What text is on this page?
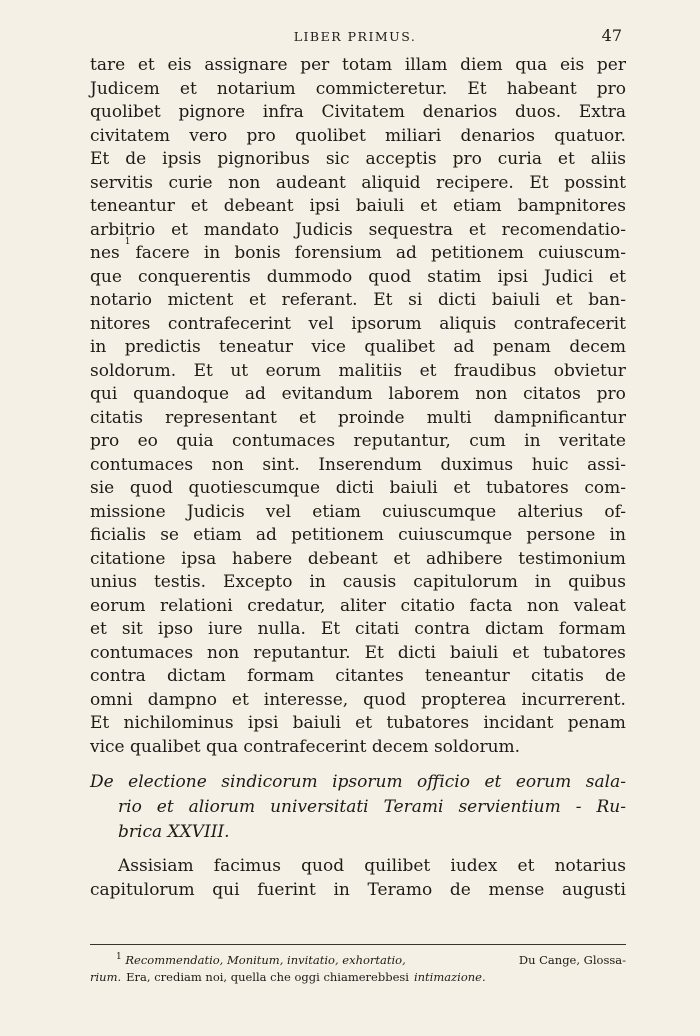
LIBER PRIMUS.	47
tare et eis assignare per totam illam diem qua eis per
Judicem et notarium commicteretur. Et habeant pro
quolibet pignore infra Civitatem denarios duos. Extra
civitatem vero pro quolibet miliari denarios quatuor.
Et de ipsis pignoribus sic acceptis pro curia et aliis
servitis curie non audeant aliquid recipere. Et possint
teneantur et debeant ipsi baiuli et etiam bampnitores
arbitrio et mandato Judicis sequestra et recomendatio-
nes
1
facere in bonis forensium ad petitionem cuiuscum-
que conquerentis dummodo quod statim ipsi Judici et
notario mictent et referant. Et si dicti baiuli et ban-
nitores contrafecerint vel ipsorum aliquis contrafecerit
in predictis teneatur vice qualibet ad penam decem
soldorum. Et ut eorum malitiis et fraudibus obvietur
qui quandoque ad evitandum laborem non citatos pro
citatis representant et proinde multi dampnificantur
pro eo quia contumaces reputantur, cum in veritate
contumaces non sint. Inserendum duximus huic assi-
sie quod quotiescumque dicti baiuli et tubatores com-
missione Judicis vel etiam cuiuscumque alterius of-
ficialis se etiam ad petitionem cuiuscumque persone in
citatione ipsa habere debeant et adhibere testimonium
unius testis. Excepto in causis capitulorum in quibus
eorum relationi credatur, aliter citatio facta non valeat
et sit ipso iure nulla. Et citati contra dictam formam
contumaces non reputantur. Et dicti baiuli et tubatores
contra dictam formam citantes teneantur citatis de
omni dampno et interesse, quod propterea incurrerent.
Et nichilominus ipsi baiuli et tubatores incidant penam
vice qualibet qua contrafecerint decem soldorum.
De electione sindicorum ipsorum officio et eorum sala-
rio et aliorum universitati Terami servientium - Ru-
brica XXVIII.
Assisiam facimus quod quilibet iudex et notarius
capitulorum qui fuerint in Teramo de mense augusti
$^1$ Recommendatio, Monitum, invitatio, exhortatio,	Du Cange, Glossa-
rium. Era, crediam noi, quella che oggi chiamerebbesi intimazione.
